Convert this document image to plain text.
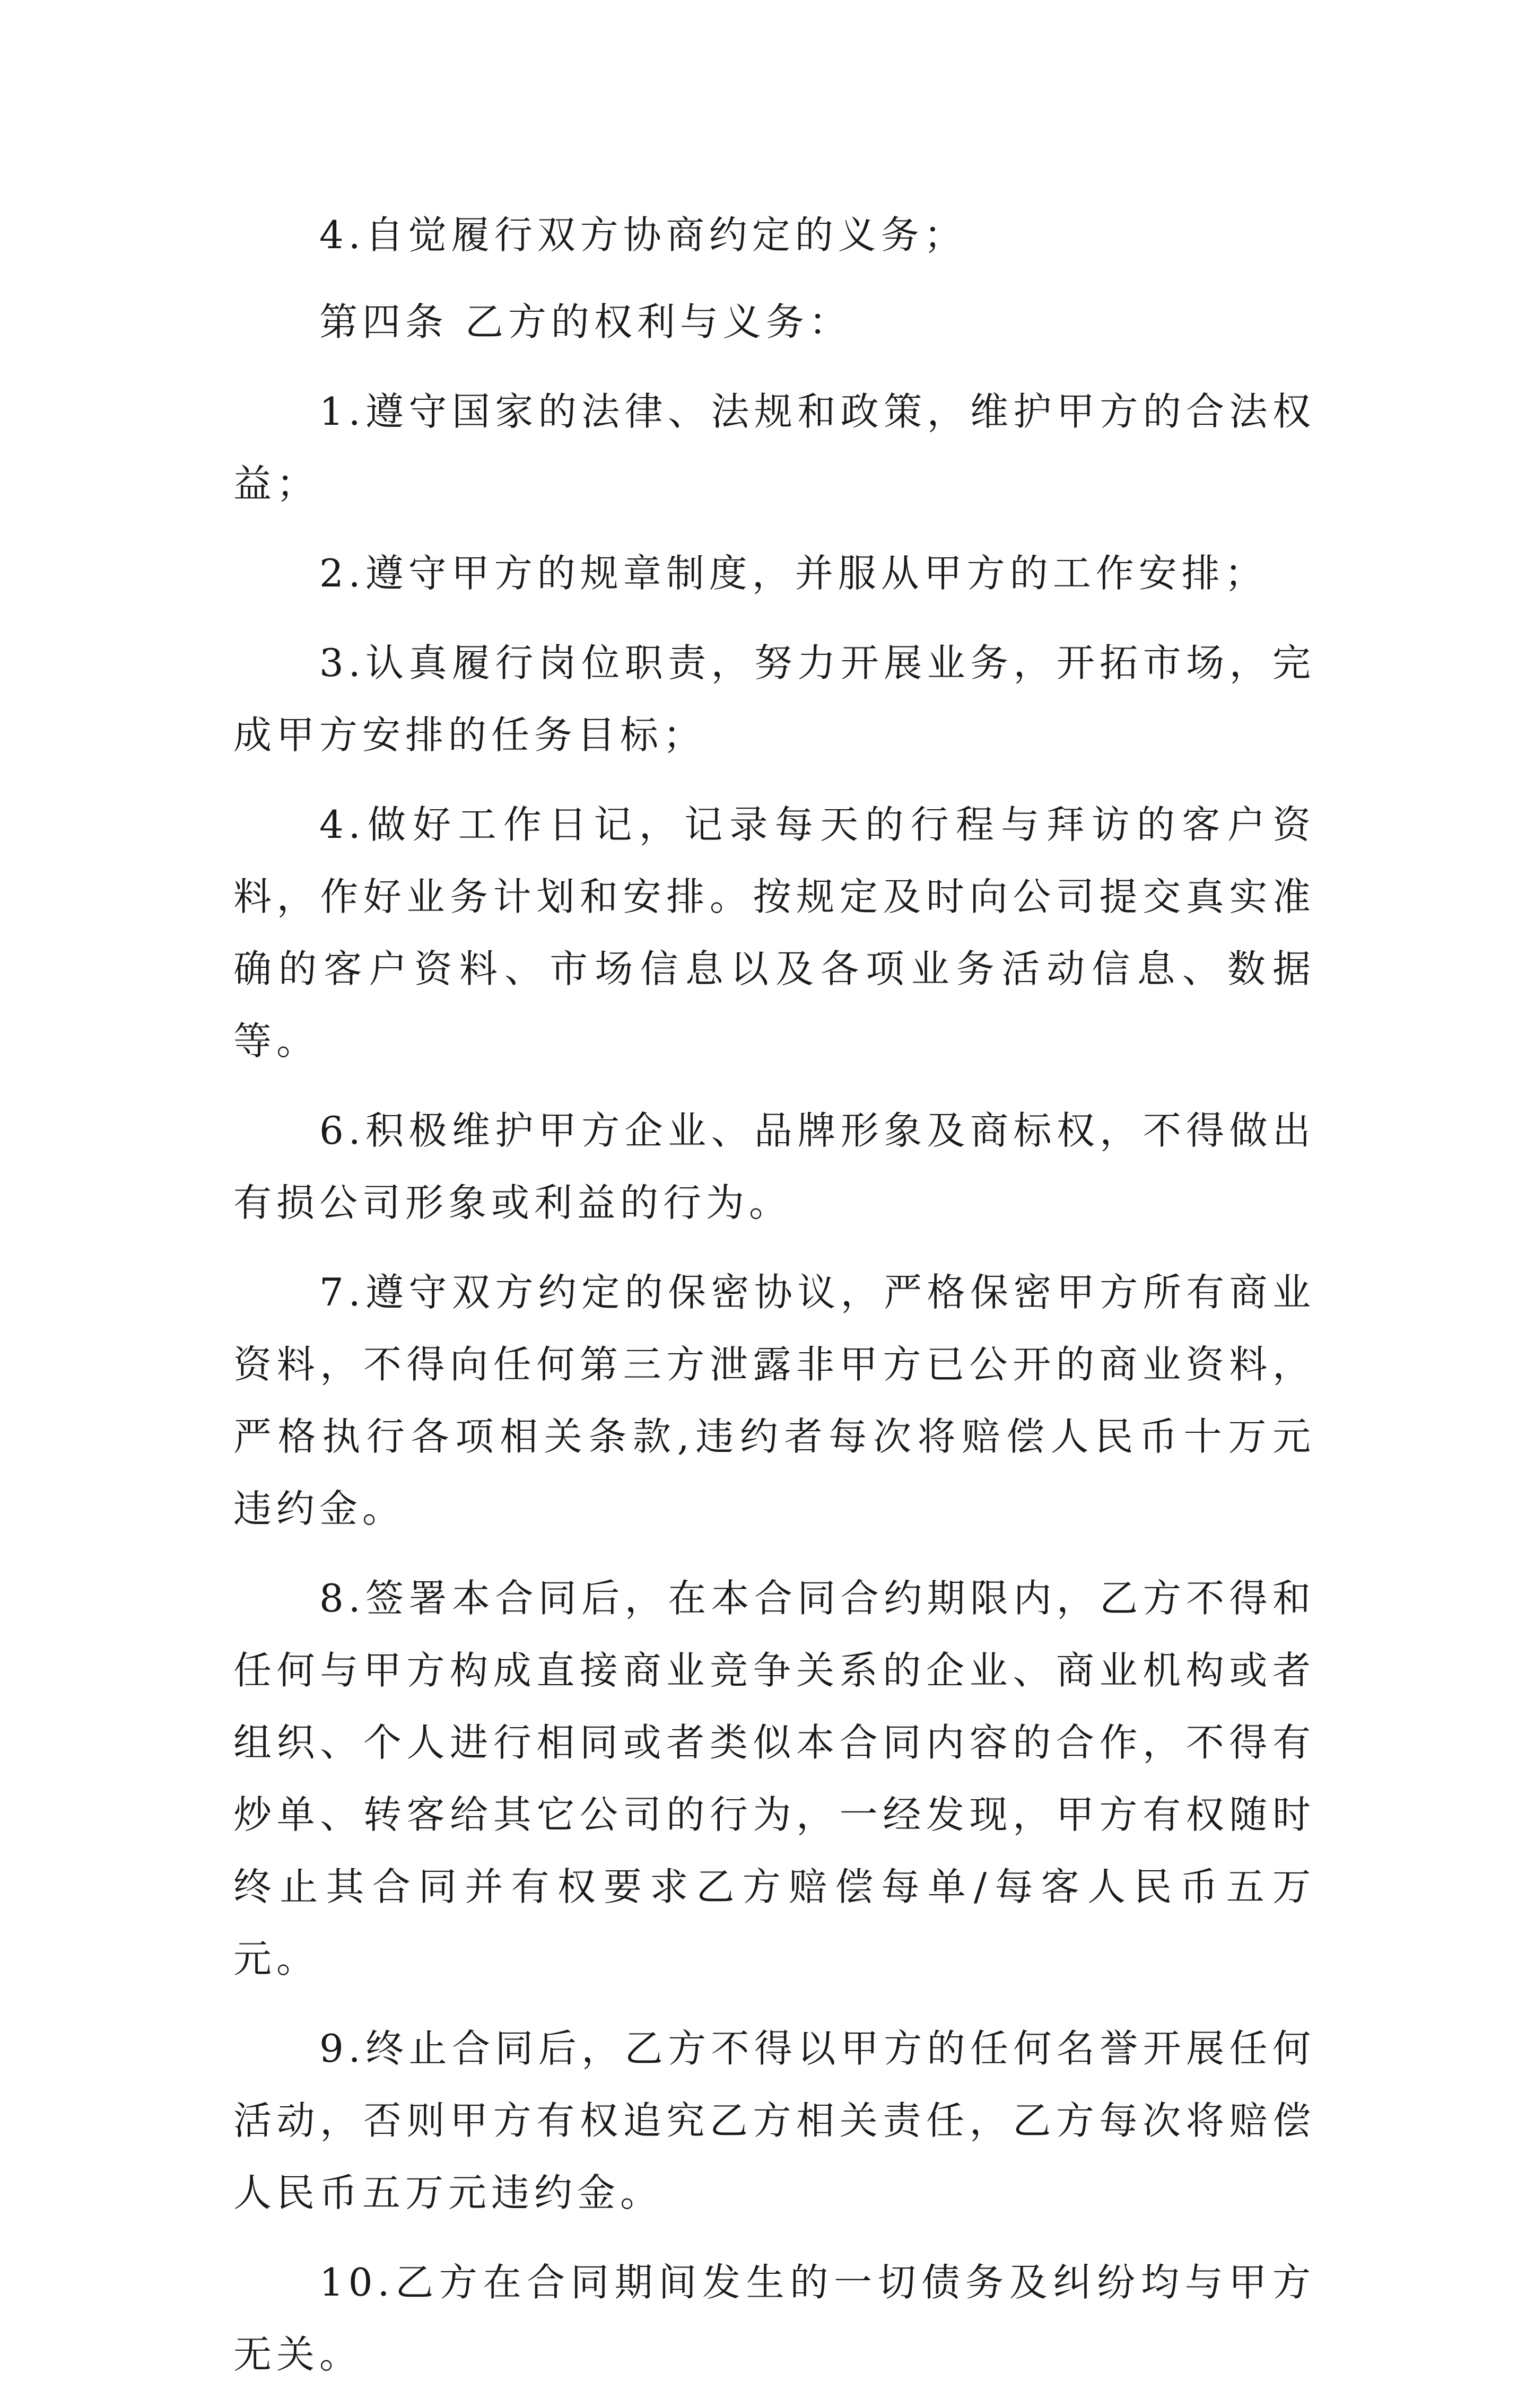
4.自觉履行双方协商约定的义务；

第四条 乙方的权利与义务：

1.遵守国家的法律、法规和政策，维护甲方的合法权益；

2.遵守甲方的规章制度，并服从甲方的工作安排；

3.认真履行岗位职责，努力开展业务，开拓市场，完成甲方安排的任务目标；

4.做好工作日记，记录每天的行程与拜访的客户资料，作好业务计划和安排。按规定及时向公司提交真实准确的客户资料、市场信息以及各项业务活动信息、数据等。

6.积极维护甲方企业、品牌形象及商标权，不得做出有损公司形象或利益的行为。

7.遵守双方约定的保密协议，严格保密甲方所有商业资料，不得向任何第三方泄露非甲方已公开的商业资料，严格执行各项相关条款,违约者每次将赔偿人民币十万元违约金。

8.签署本合同后，在本合同合约期限内，乙方不得和任何与甲方构成直接商业竞争关系的企业、商业机构或者组织、个人进行相同或者类似本合同内容的合作，不得有炒单、转客给其它公司的行为，一经发现，甲方有权随时终止其合同并有权要求乙方赔偿每单/每客人民币五万元。

9.终止合同后，乙方不得以甲方的任何名誉开展任何活动，否则甲方有权追究乙方相关责任，乙方每次将赔偿人民币五万元违约金。

10.乙方在合同期间发生的一切债务及纠纷均与甲方无关。
